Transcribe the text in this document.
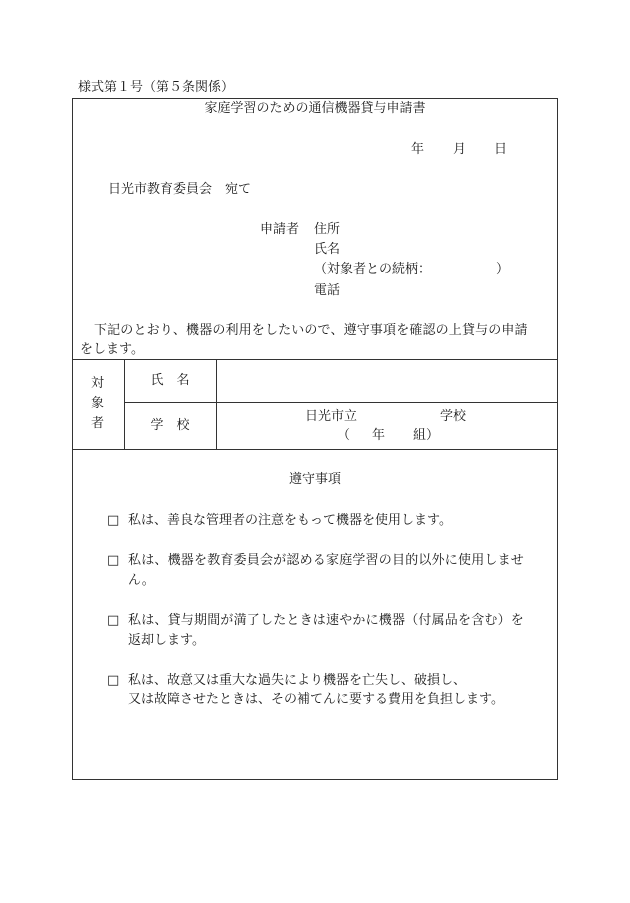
様式第１号（第５条関係）
家庭学習のための通信機器貸与申請書
年 月 日
日光市教育委員会　宛て
申請者 住所
氏名
（対象者との続柄：	）
電話
下記のとおり、機器の利用をしたいので、遵守事項を確認の上貸与の申請
をします。
対
象
者
氏　名
学　校
日光市立	学校
（ 年 組）
遵守事項
□ 私は、善良な管理者の注意をもって機器を使用します。
□ 私は、機器を教育委員会が認める家庭学習の目的以外に使用しませ
ん。
□ 私は、貸与期間が満了したときは速やかに機器（付属品を含む）を
返却します。
□ 私は、故意又は重大な過失により機器を亡失し、破損し、
又は故障させたときは、その補てんに要する費用を負担します。
